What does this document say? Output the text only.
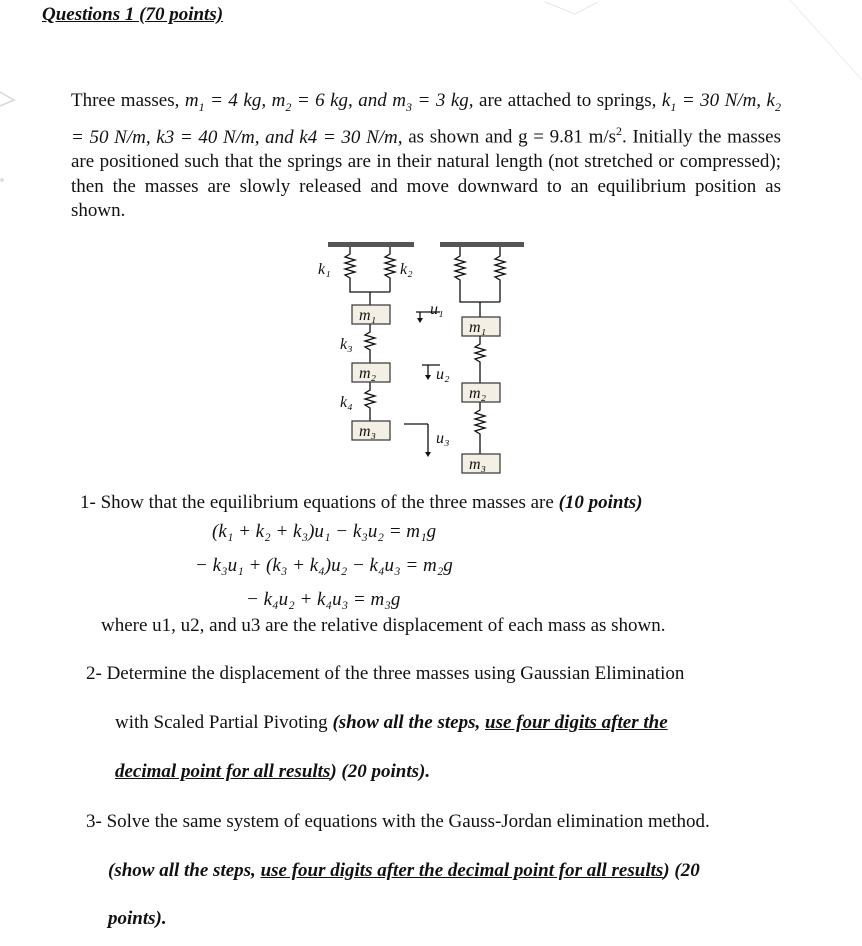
Questions 1 (70 points)
Three masses, $m_1 = 4$ kg, $m_2 = 6$ kg, and $m_3 = 3$ kg, are attached to springs, $k_1 = 30$ N/m, $k_2 = 50$ N/m, k3 = 40 N/m, and k4 = 30 N/m, as shown and g = 9.81 $m/s^2$. Initially the masses are positioned such that the springs are in their natural length (not stretched or compressed); then the masses are slowly released and move downward to an equilibrium position as shown.
k₁	k₂
k₃
k₄
m₁
m₂
m₃
m₁
m₂
m₃
u₁
u₂
u₃
1- Show that the equilibrium equations of the three masses are (10 points)
(k₁ + k₂ + k₃)u₁ − k₃u₂ = m₁g
− k₃u₁ + (k₃ + k₄)u₂ − k₄u₃ = m₂g
− k₄u₂ + k₄u₃ = m₃g
where u1, u2, and u3 are the relative displacement of each mass as shown.
2- Determine the displacement of the three masses using Gaussian Elimination
with Scaled Partial Pivoting (show all the steps, use four digits after the
decimal point for all results) (20 points).
3- Solve the same system of equations with the Gauss-Jordan elimination method.
(show all the steps, use four digits after the decimal point for all results) (20
points).
